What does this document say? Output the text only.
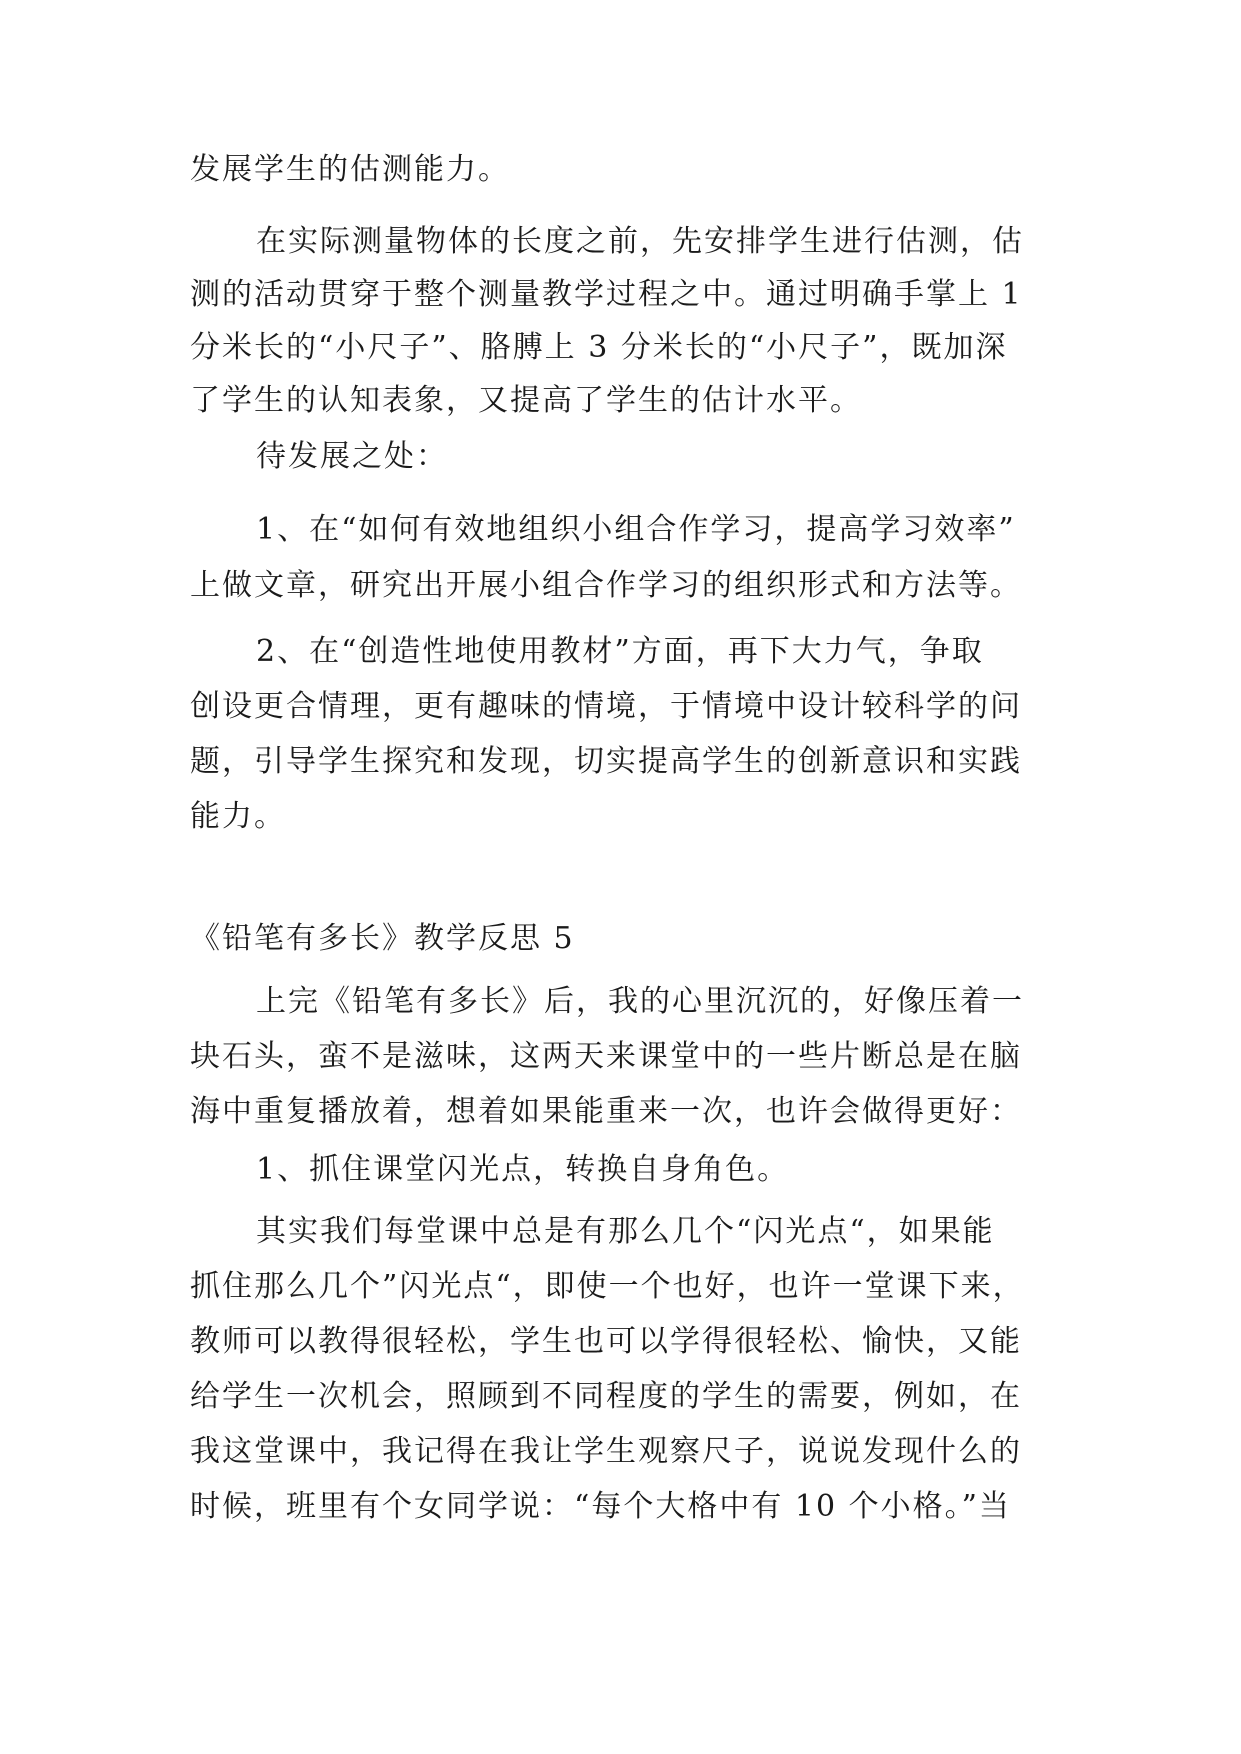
发展学生的估测能力。
在实际测量物体的长度之前，先安排学生进行估测，估
测的活动贯穿于整个测量教学过程之中。通过明确手掌上 1
分米长的“小尺子”、胳膊上 3 分米长的“小尺子”，既加深
了学生的认知表象，又提高了学生的估计水平。
待发展之处：
1、在“如何有效地组织小组合作学习，提高学习效率”
上做文章，研究出开展小组合作学习的组织形式和方法等。
2、在“创造性地使用教材”方面，再下大力气，争取
创设更合情理，更有趣味的情境，于情境中设计较科学的问
题，引导学生探究和发现，切实提高学生的创新意识和实践
能力。
《铅笔有多长》教学反思 5
上完《铅笔有多长》后，我的心里沉沉的，好像压着一
块石头，蛮不是滋味，这两天来课堂中的一些片断总是在脑
海中重复播放着，想着如果能重来一次，也许会做得更好：
1、抓住课堂闪光点，转换自身角色。
其实我们每堂课中总是有那么几个“闪光点“，如果能
抓住那么几个”闪光点“，即使一个也好，也许一堂课下来，
教师可以教得很轻松，学生也可以学得很轻松、愉快，又能
给学生一次机会，照顾到不同程度的学生的需要，例如，在
我这堂课中，我记得在我让学生观察尺子，说说发现什么的
时候，班里有个女同学说：“每个大格中有 10 个小格。”当
